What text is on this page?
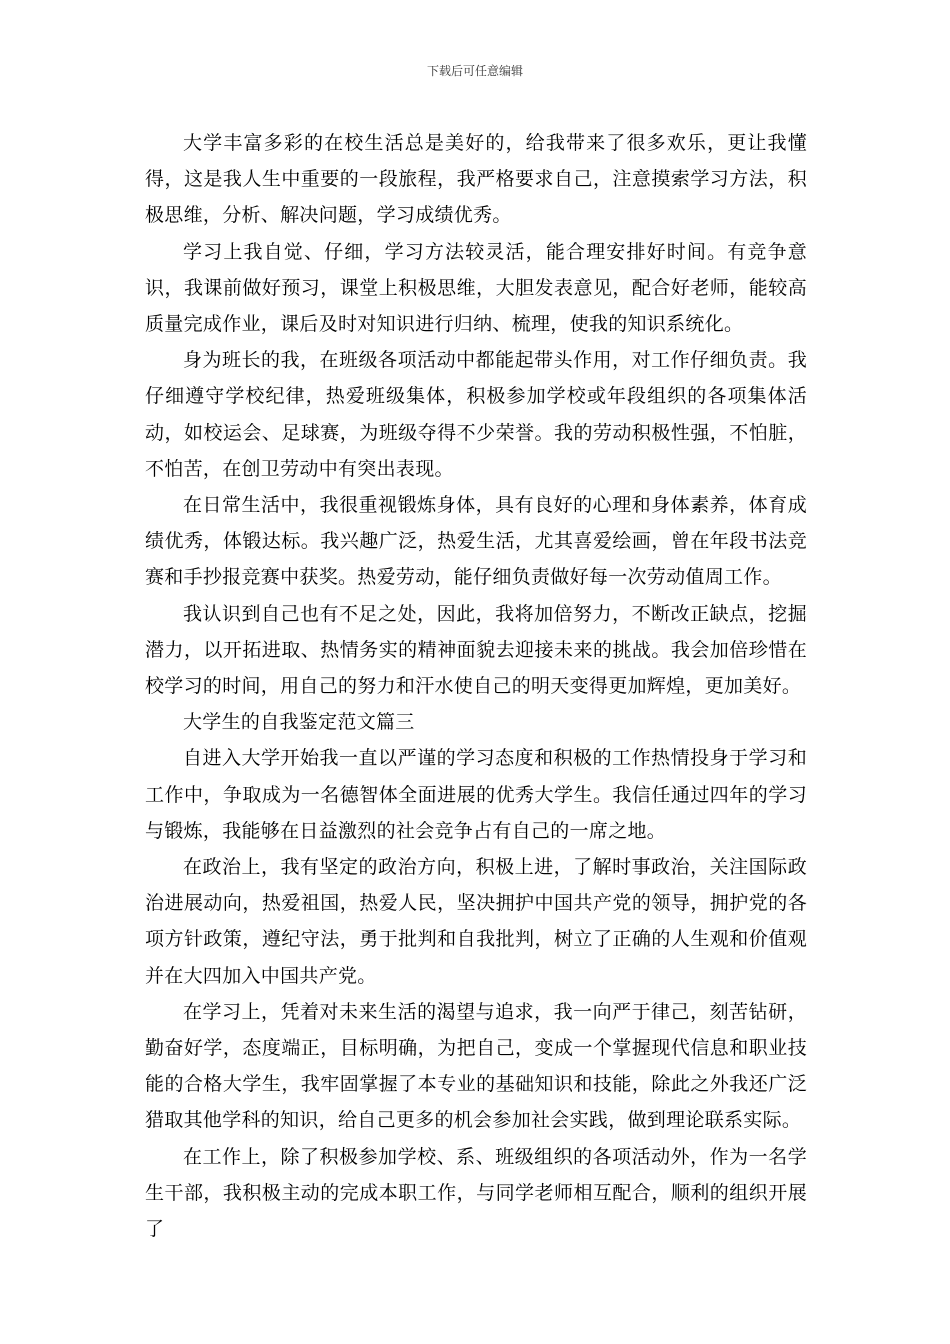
下载后可任意编辑

大学丰富多彩的在校生活总是美好的，给我带来了很多欢乐，更让我懂得，这是我人生中重要的一段旅程，我严格要求自己，注意摸索学习方法，积极思维，分析、解决问题，学习成绩优秀。

学习上我自觉、仔细，学习方法较灵活，能合理安排好时间。有竞争意识，我课前做好预习，课堂上积极思维，大胆发表意见，配合好老师，能较高质量完成作业，课后及时对知识进行归纳、梳理，使我的知识系统化。

身为班长的我，在班级各项活动中都能起带头作用，对工作仔细负责。我仔细遵守学校纪律，热爱班级集体，积极参加学校或年段组织的各项集体活动，如校运会、足球赛，为班级夺得不少荣誉。我的劳动积极性强，不怕脏，不怕苦，在创卫劳动中有突出表现。

在日常生活中，我很重视锻炼身体，具有良好的心理和身体素养，体育成绩优秀，体锻达标。我兴趣广泛，热爱生活，尤其喜爱绘画，曾在年段书法竞赛和手抄报竞赛中获奖。热爱劳动，能仔细负责做好每一次劳动值周工作。

我认识到自己也有不足之处，因此，我将加倍努力，不断改正缺点，挖掘潜力，以开拓进取、热情务实的精神面貌去迎接未来的挑战。我会加倍珍惜在校学习的时间，用自己的努力和汗水使自己的明天变得更加辉煌，更加美好。

大学生的自我鉴定范文篇三

自进入大学开始我一直以严谨的学习态度和积极的工作热情投身于学习和工作中，争取成为一名德智体全面进展的优秀大学生。我信任通过四年的学习与锻炼，我能够在日益激烈的社会竞争占有自己的一席之地。

在政治上，我有坚定的政治方向，积极上进，了解时事政治，关注国际政治进展动向，热爱祖国，热爱人民，坚决拥护中国共产党的领导，拥护党的各项方针政策，遵纪守法，勇于批判和自我批判，树立了正确的人生观和价值观并在大四加入中国共产党。

在学习上，凭着对未来生活的渴望与追求，我一向严于律己，刻苦钻研，勤奋好学，态度端正，目标明确，为把自己，变成一个掌握现代信息和职业技能的合格大学生，我牢固掌握了本专业的基础知识和技能，除此之外我还广泛猎取其他学科的知识，给自己更多的机会参加社会实践，做到理论联系实际。

在工作上，除了积极参加学校、系、班级组织的各项活动外，作为一名学生干部，我积极主动的完成本职工作，与同学老师相互配合，顺利的组织开展了
